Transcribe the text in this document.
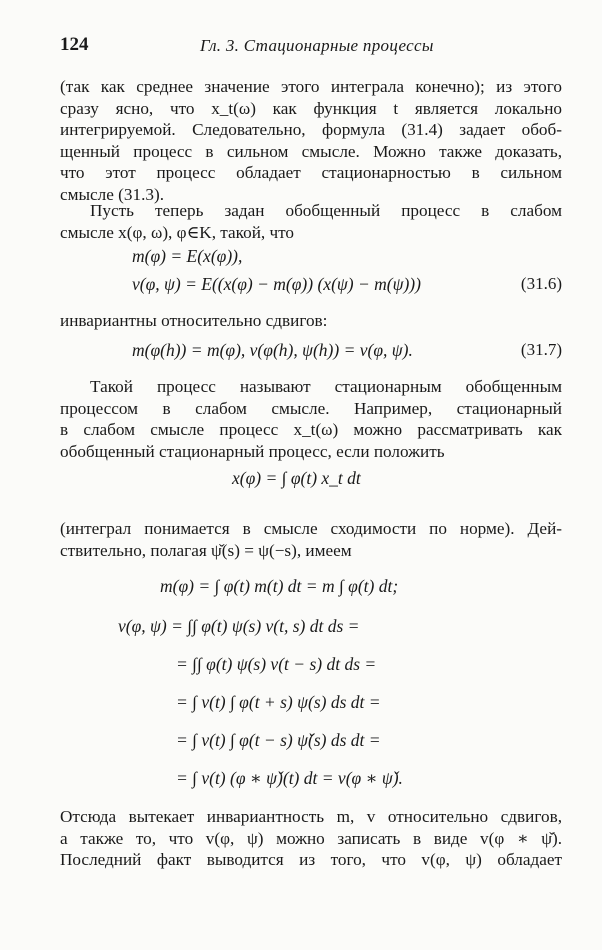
124	Гл. 3. Стационарные процессы
(так как среднее значение этого интеграла конечно); из этого
сразу ясно, что x_t(ω) как функция t является локально
интегрируемой. Следовательно, формула (31.4) задает обоб-
щенный процесс в сильном смысле. Можно также доказать,
что этот процесс обладает стационарностью в сильном
смысле (31.3).
Пусть теперь задан обобщенный процесс в слабом
смысле x(φ, ω), φ∈K, такой, что
m(φ) = E(x(φ)),
v(φ, ψ) = E((x(φ) − m(φ)) (x(ψ) − m(ψ)))	(31.6)
инвариантны относительно сдвигов:
m(φ(h)) = m(φ), v(φ(h), ψ(h)) = v(φ, ψ).	(31.7)
Такой процесс называют стационарным обобщенным
процессом в слабом смысле. Например, стационарный
в слабом смысле процесс x_t(ω) можно рассматривать как
обобщенный стационарный процесс, если положить
x(φ) = ∫ φ(t) x_t dt
(интеграл понимается в смысле сходимости по норме). Дей-
ствительно, полагая ψ̌(s) = ψ(−s), имеем
m(φ) = ∫ φ(t) m(t) dt = m ∫ φ(t) dt;
v(φ, ψ) = ∫∫ φ(t) ψ(s) v(t, s) dt ds =
= ∫∫ φ(t) ψ(s) v(t − s) dt ds =
= ∫ v(t) ∫ φ(t + s) ψ(s) ds dt =
= ∫ v(t) ∫ φ(t − s) ψ̌(s) ds dt =
= ∫ v(t) (φ ∗ ψ̌)(t) dt = v(φ ∗ ψ̌).
Отсюда вытекает инвариантность m, v относительно сдвигов,
а также то, что v(φ, ψ) можно записать в виде v(φ ∗ ψ̌).
Последний факт выводится из того, что v(φ, ψ) обладает
